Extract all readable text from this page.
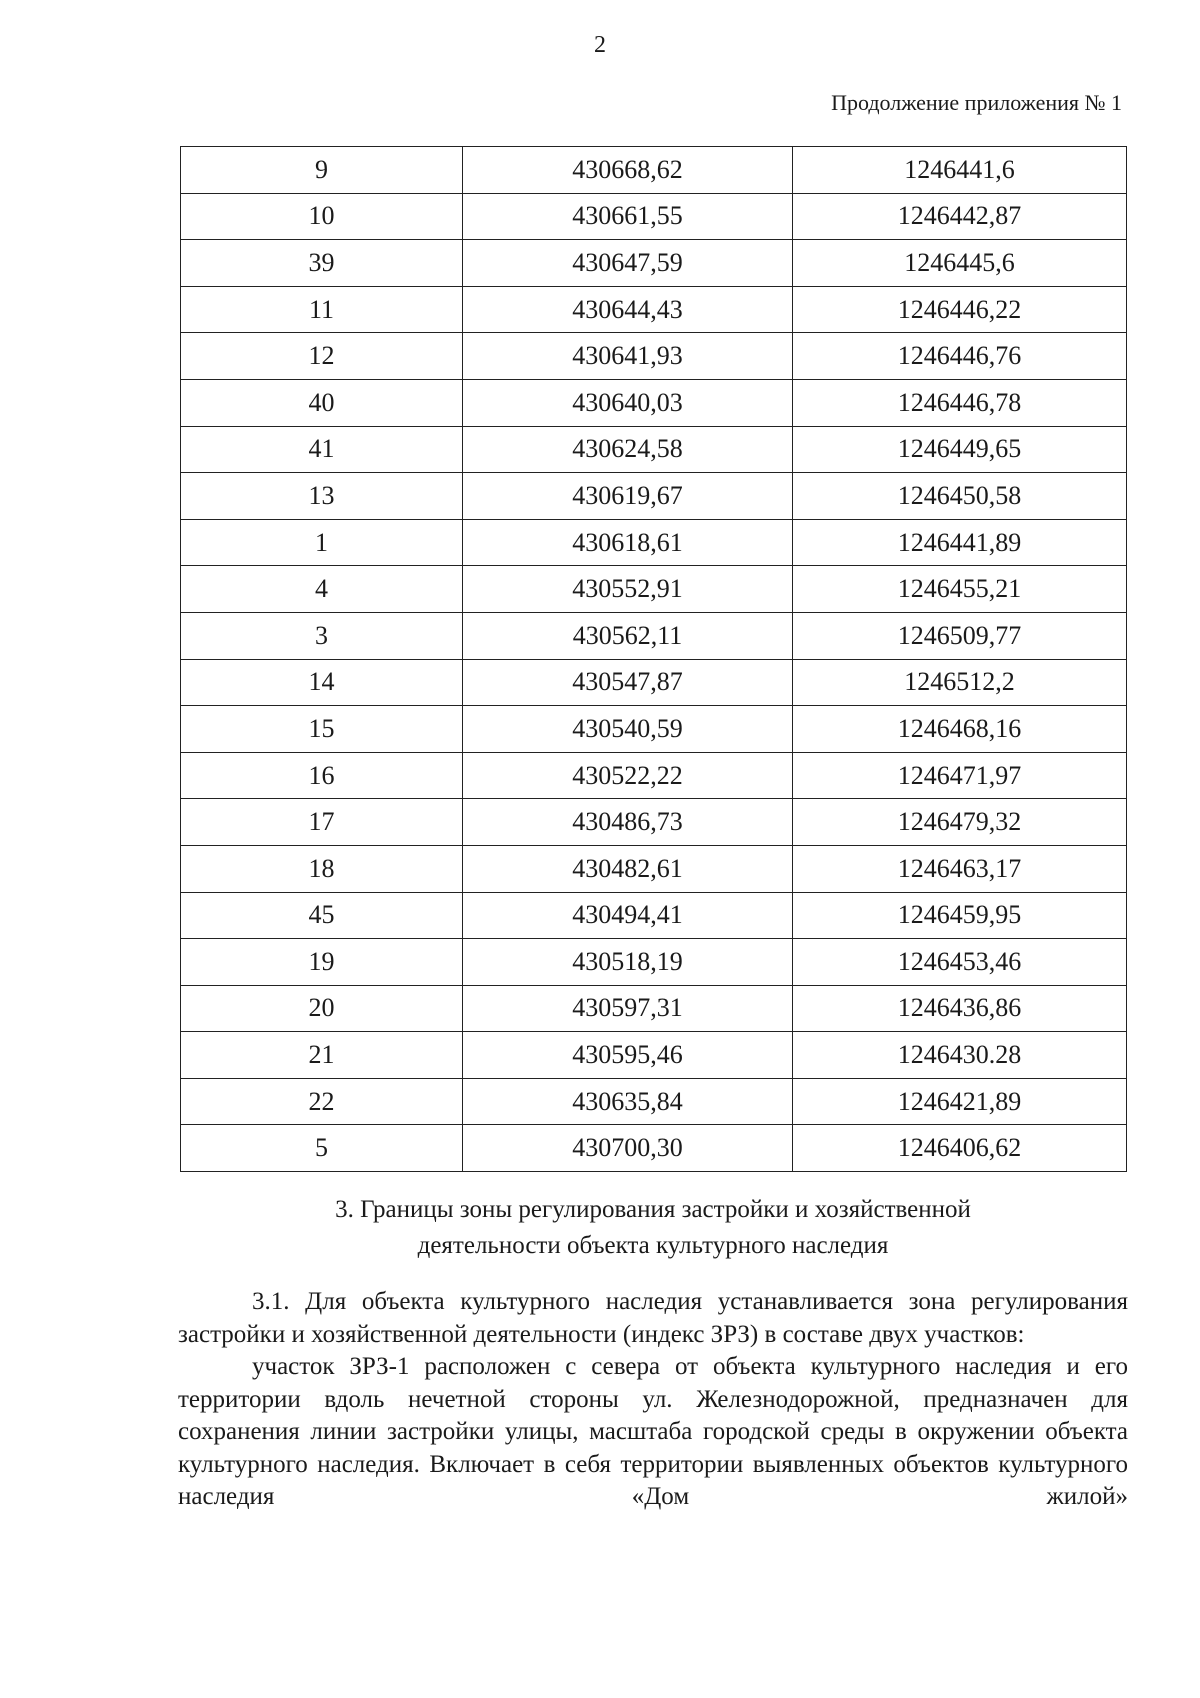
2
Продолжение приложения № 1
9	430668,62	1246441,6
10	430661,55	1246442,87
39	430647,59	1246445,6
11	430644,43	1246446,22
12	430641,93	1246446,76
40	430640,03	1246446,78
41	430624,58	1246449,65
13	430619,67	1246450,58
1	430618,61	1246441,89
4	430552,91	1246455,21
3	430562,11	1246509,77
14	430547,87	1246512,2
15	430540,59	1246468,16
16	430522,22	1246471,97
17	430486,73	1246479,32
18	430482,61	1246463,17
45	430494,41	1246459,95
19	430518,19	1246453,46
20	430597,31	1246436,86
21	430595,46	1246430.28
22	430635,84	1246421,89
5	430700,30	1246406,62
3. Границы зоны регулирования застройки и хозяйственной
деятельности объекта культурного наследия

3.1. Для объекта культурного наследия устанавливается зона регулирования застройки и хозяйственной деятельности (индекс ЗРЗ) в составе двух участков:

участок ЗРЗ-1 расположен с севера от объекта культурного наследия и его территории вдоль нечетной стороны ул. Железнодорожной, предназначен для сохранения линии застройки улицы, масштаба городской среды в окружении объекта культурного наследия. Включает в себя территории выявленных объектов культурного наследия «Дом жилой»
